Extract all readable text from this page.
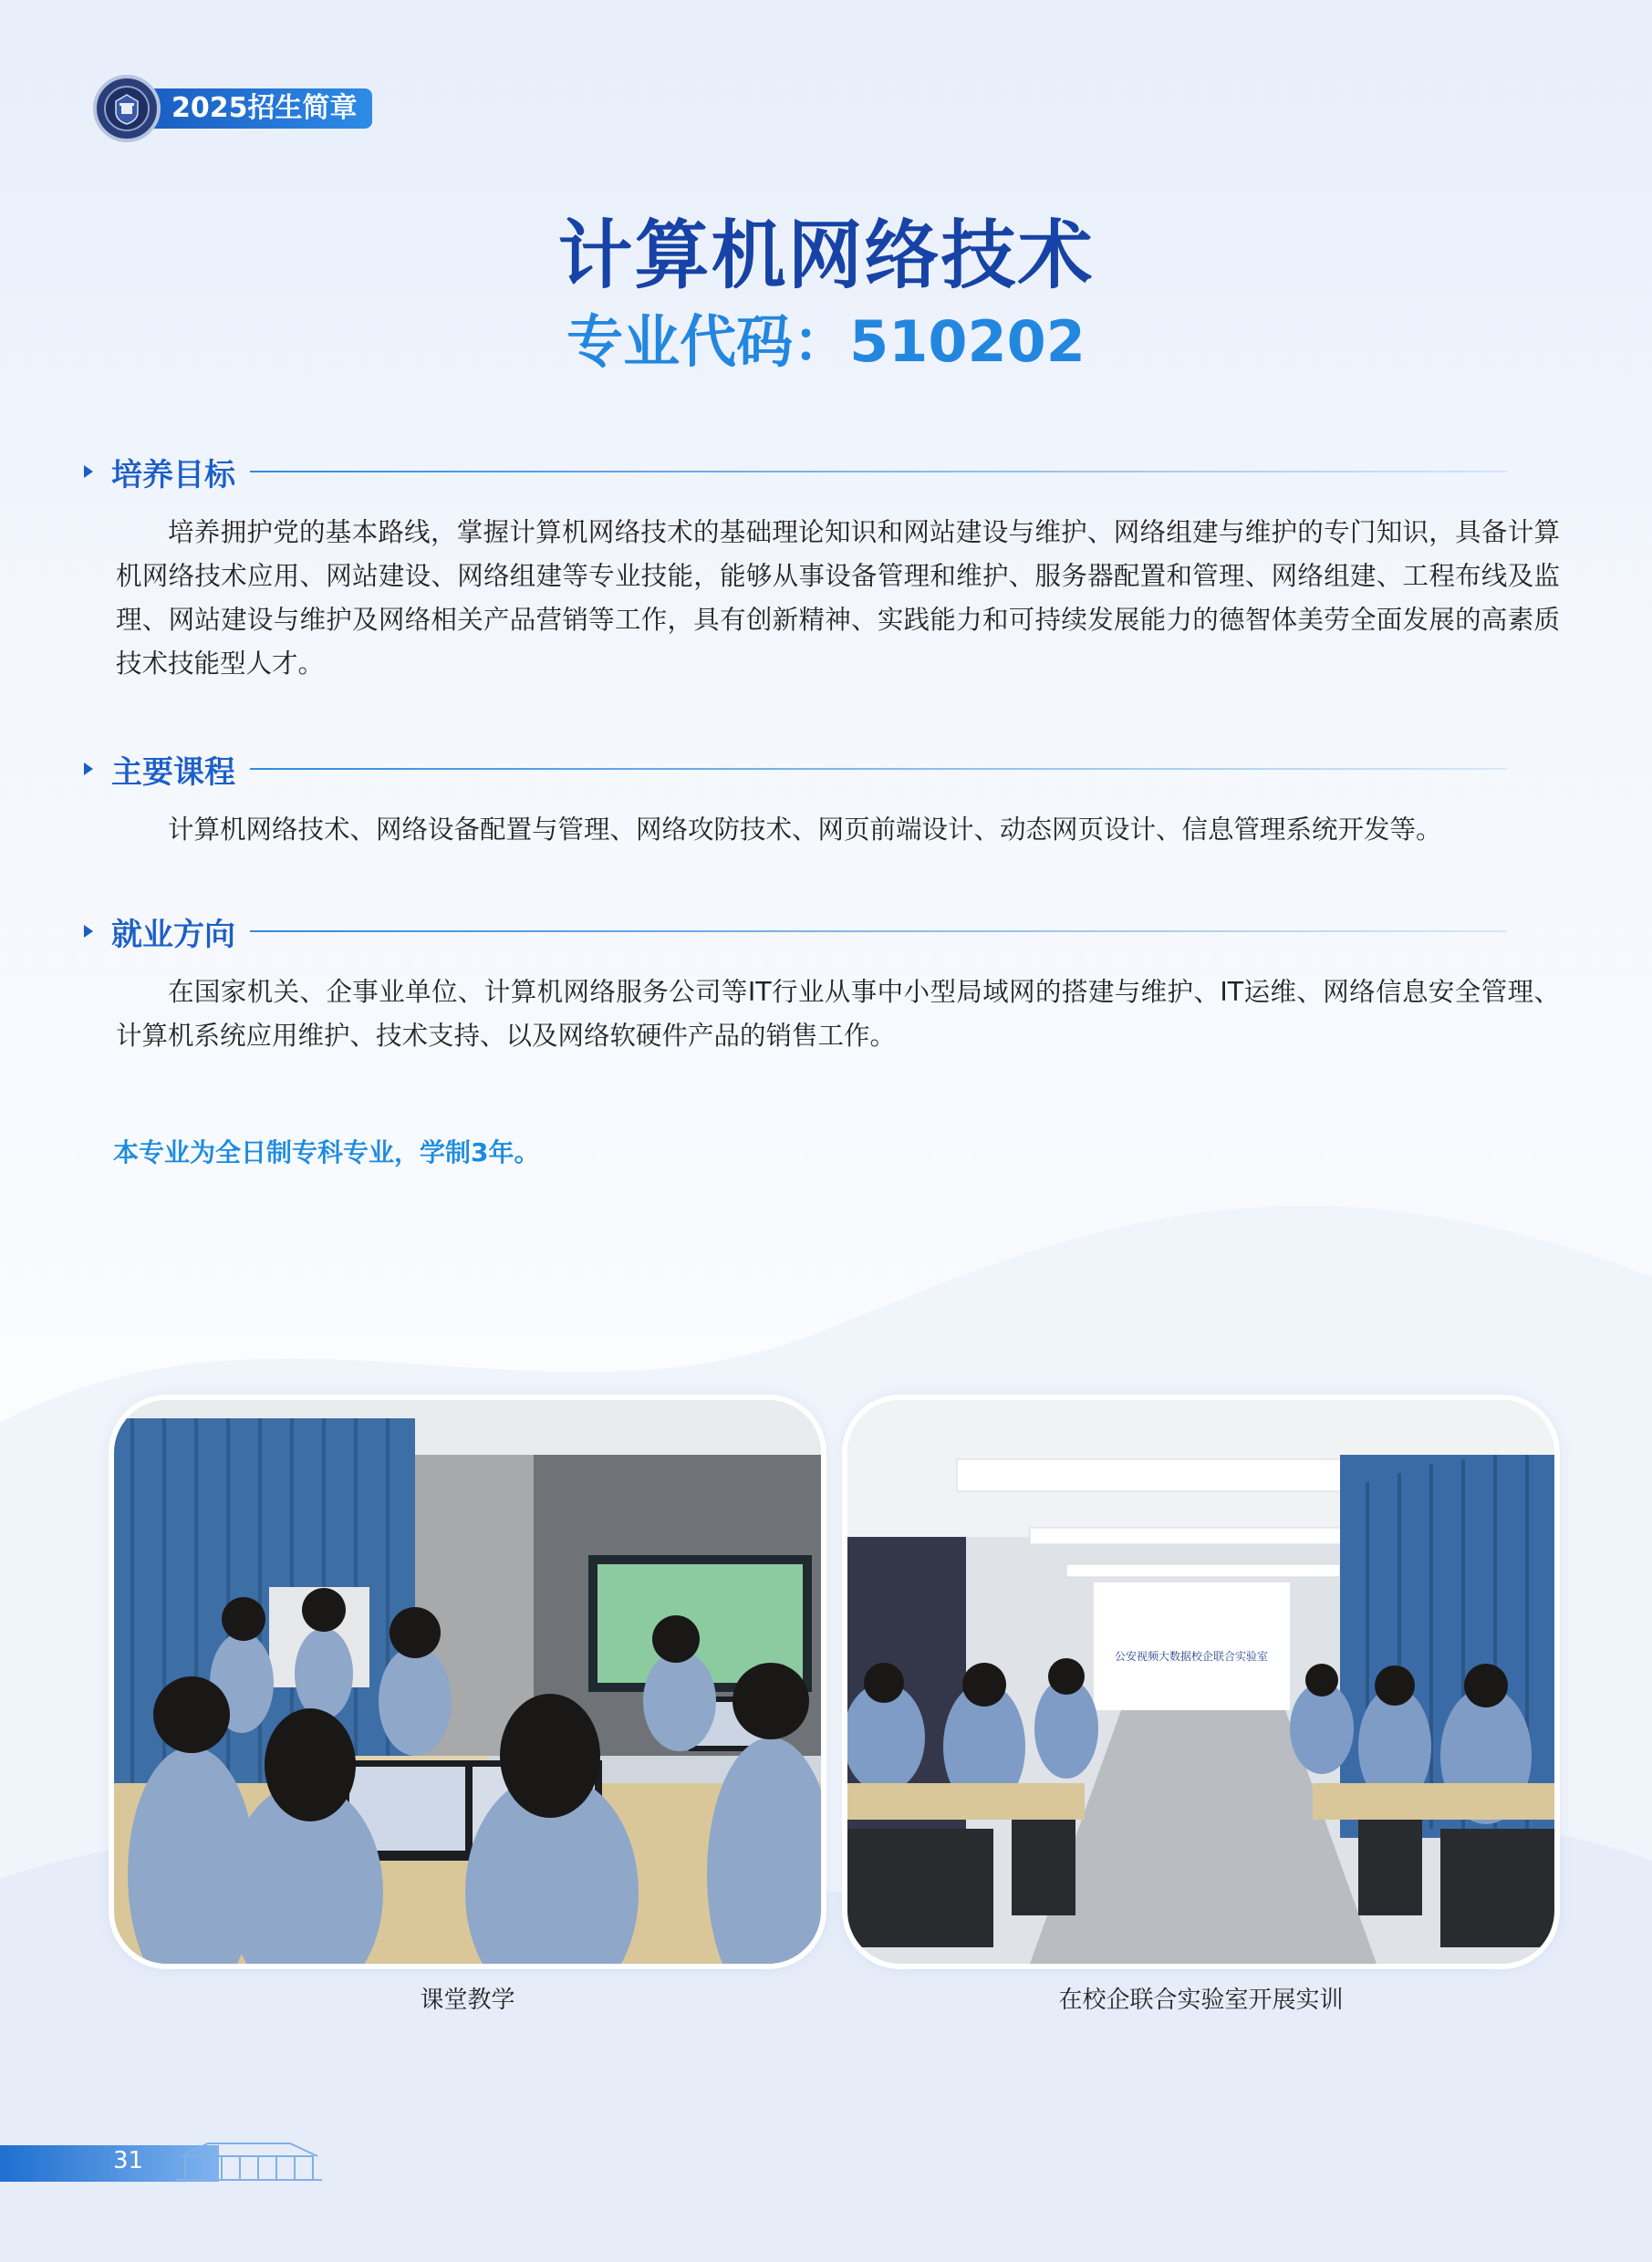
2025招生简章
计算机网络技术
专业代码：510202
培养目标
培养拥护党的基本路线，掌握计算机网络技术的基础理论知识和网站建设与维护、网络组建与维护的专门知识，具备计算机网络技术应用、网站建设、网络组建等专业技能，能够从事设备管理和维护、服务器配置和管理、网络组建、工程布线及监理、网站建设与维护及网络相关产品营销等工作，具有创新精神、实践能力和可持续发展能力的德智体美劳全面发展的高素质技术技能型人才。
主要课程
计算机网络技术、网络设备配置与管理、网络攻防技术、网页前端设计、动态网页设计、信息管理系统开发等。
就业方向
在国家机关、企事业单位、计算机网络服务公司等IT行业从事中小型局域网的搭建与维护、IT运维、网络信息安全管理、计算机系统应用维护、技术支持、以及网络软硬件产品的销售工作。
本专业为全日制专科专业，学制3年。
课堂教学
公安视频大数据校企联合实验室
在校企联合实验室开展实训
31
